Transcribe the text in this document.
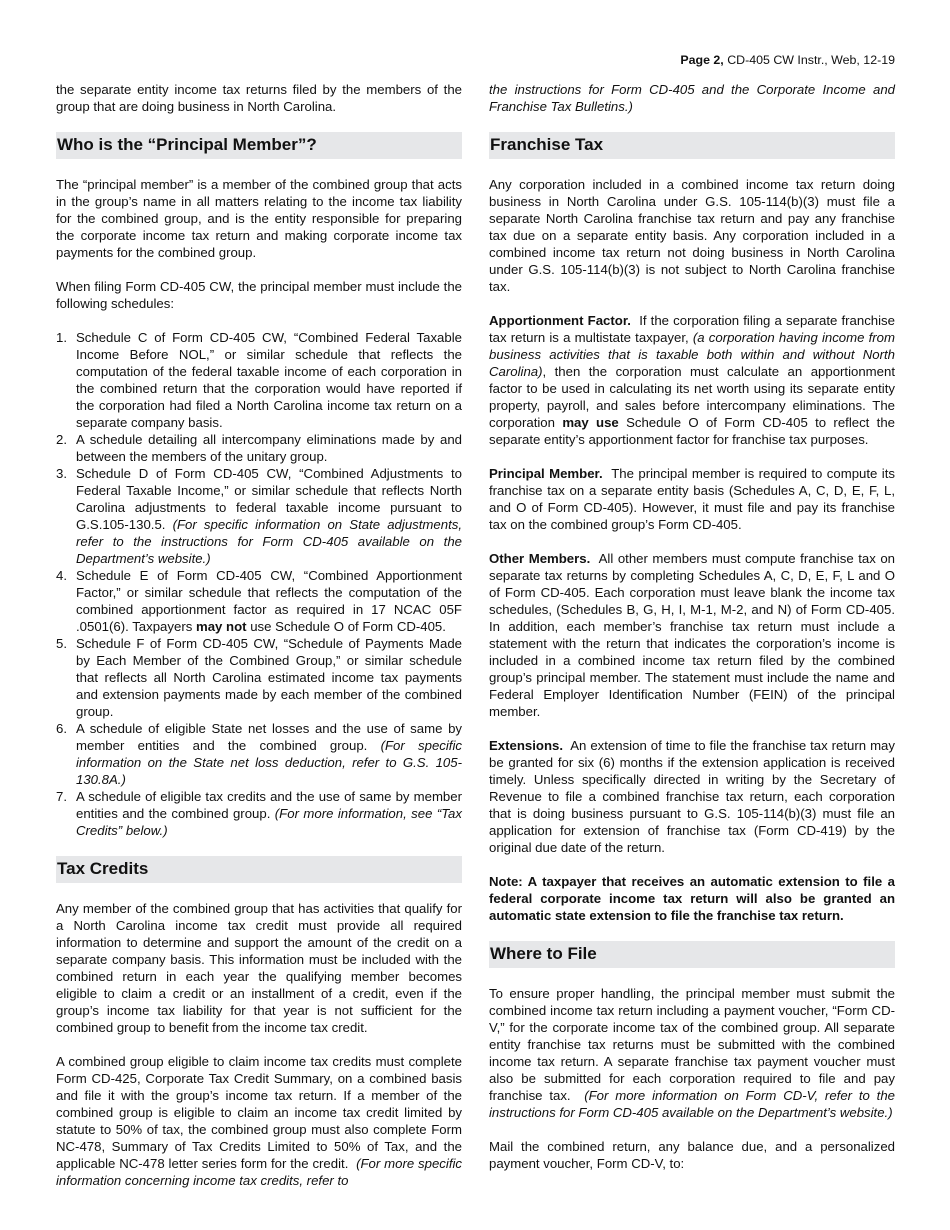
Page 2, CD-405 CW Instr., Web, 12-19

the separate entity income tax returns filed by the members of the group that are doing business in North Carolina.

Who is the “Principal Member”?

The “principal member” is a member of the combined group that acts in the group’s name in all matters relating to the income tax liability for the combined group, and is the entity responsible for preparing the corporate income tax return and making corporate income tax payments for the combined group.

When filing Form CD-405 CW, the principal member must include the following schedules:

1. Schedule C of Form CD-405 CW, “Combined Federal Taxable Income Before NOL,” or similar schedule that reflects the computation of the federal taxable income of each corporation in the combined return that the corporation would have reported if the corporation had filed a North Carolina income tax return on a separate company basis.
2. A schedule detailing all intercompany eliminations made by and between the members of the unitary group.
3. Schedule D of Form CD-405 CW, “Combined Adjustments to Federal Taxable Income,” or similar schedule that reflects North Carolina adjustments to federal taxable income pursuant to G.S.105-130.5. (For specific information on State adjustments, refer to the instructions for Form CD-405 available on the Department’s website.)
4. Schedule E of Form CD-405 CW, “Combined Apportionment Factor,” or similar schedule that reflects the computation of the combined apportionment factor as required in 17 NCAC 05F .0501(6). Taxpayers may not use Schedule O of Form CD-405.
5. Schedule F of Form CD-405 CW, “Schedule of Payments Made by Each Member of the Combined Group,” or similar schedule that reflects all North Carolina estimated income tax payments and extension payments made by each member of the combined group.
6. A schedule of eligible State net losses and the use of same by member entities and the combined group. (For specific information on the State net loss deduction, refer to G.S. 105-130.8A.)
7. A schedule of eligible tax credits and the use of same by member entities and the combined group. (For more information, see “Tax Credits” below.)
Tax Credits

Any member of the combined group that has activities that qualify for a North Carolina income tax credit must provide all required information to determine and support the amount of the credit on a separate company basis. This information must be included with the combined return in each year the qualifying member becomes eligible to claim a credit or an installment of a credit, even if the group’s income tax liability for that year is not sufficient for the combined group to benefit from the income tax credit.

A combined group eligible to claim income tax credits must complete Form CD-425, Corporate Tax Credit Summary, on a combined basis and file it with the group’s income tax return. If a member of the combined group is eligible to claim an income tax credit limited by statute to 50% of tax, the combined group must also complete Form NC-478, Summary of Tax Credits Limited to 50% of Tax, and the applicable NC-478 letter series form for the credit. (For more specific information concerning income tax credits, refer to

the instructions for Form CD-405 and the Corporate Income and Franchise Tax Bulletins.)

Franchise Tax

Any corporation included in a combined income tax return doing business in North Carolina under G.S. 105-114(b)(3) must file a separate North Carolina franchise tax return and pay any franchise tax due on a separate entity basis. Any corporation included in a combined income tax return not doing business in North Carolina under G.S. 105-114(b)(3) is not subject to North Carolina franchise tax.

Apportionment Factor. If the corporation filing a separate franchise tax return is a multistate taxpayer, (a corporation having income from business activities that is taxable both within and without North Carolina), then the corporation must calculate an apportionment factor to be used in calculating its net worth using its separate entity property, payroll, and sales before intercompany eliminations. The corporation may use Schedule O of Form CD-405 to reflect the separate entity’s apportionment factor for franchise tax purposes.

Principal Member. The principal member is required to compute its franchise tax on a separate entity basis (Schedules A, C, D, E, F, L, and O of Form CD-405). However, it must file and pay its franchise tax on the combined group’s Form CD-405.

Other Members. All other members must compute franchise tax on separate tax returns by completing Schedules A, C, D, E, F, L and O of Form CD-405. Each corporation must leave blank the income tax schedules, (Schedules B, G, H, I, M-1, M-2, and N) of Form CD-405. In addition, each member’s franchise tax return must include a statement with the return that indicates the corporation’s income is included in a combined income tax return filed by the combined group’s principal member. The statement must include the name and Federal Employer Identification Number (FEIN) of the principal member.

Extensions. An extension of time to file the franchise tax return may be granted for six (6) months if the extension application is received timely. Unless specifically directed in writing by the Secretary of Revenue to file a combined franchise tax return, each corporation that is doing business pursuant to G.S. 105-114(b)(3) must file an application for extension of franchise tax (Form CD-419) by the original due date of the return.

Note: A taxpayer that receives an automatic extension to file a federal corporate income tax return will also be granted an automatic state extension to file the franchise tax return.

Where to File

To ensure proper handling, the principal member must submit the combined income tax return including a payment voucher, “Form CD-V,” for the corporate income tax of the combined group. All separate entity franchise tax returns must be submitted with the combined income tax return. A separate franchise tax payment voucher must also be submitted for each corporation required to file and pay franchise tax. (For more information on Form CD-V, refer to the instructions for Form CD-405 available on the Department’s website.)

Mail the combined return, any balance due, and a personalized payment voucher, Form CD-V, to:
